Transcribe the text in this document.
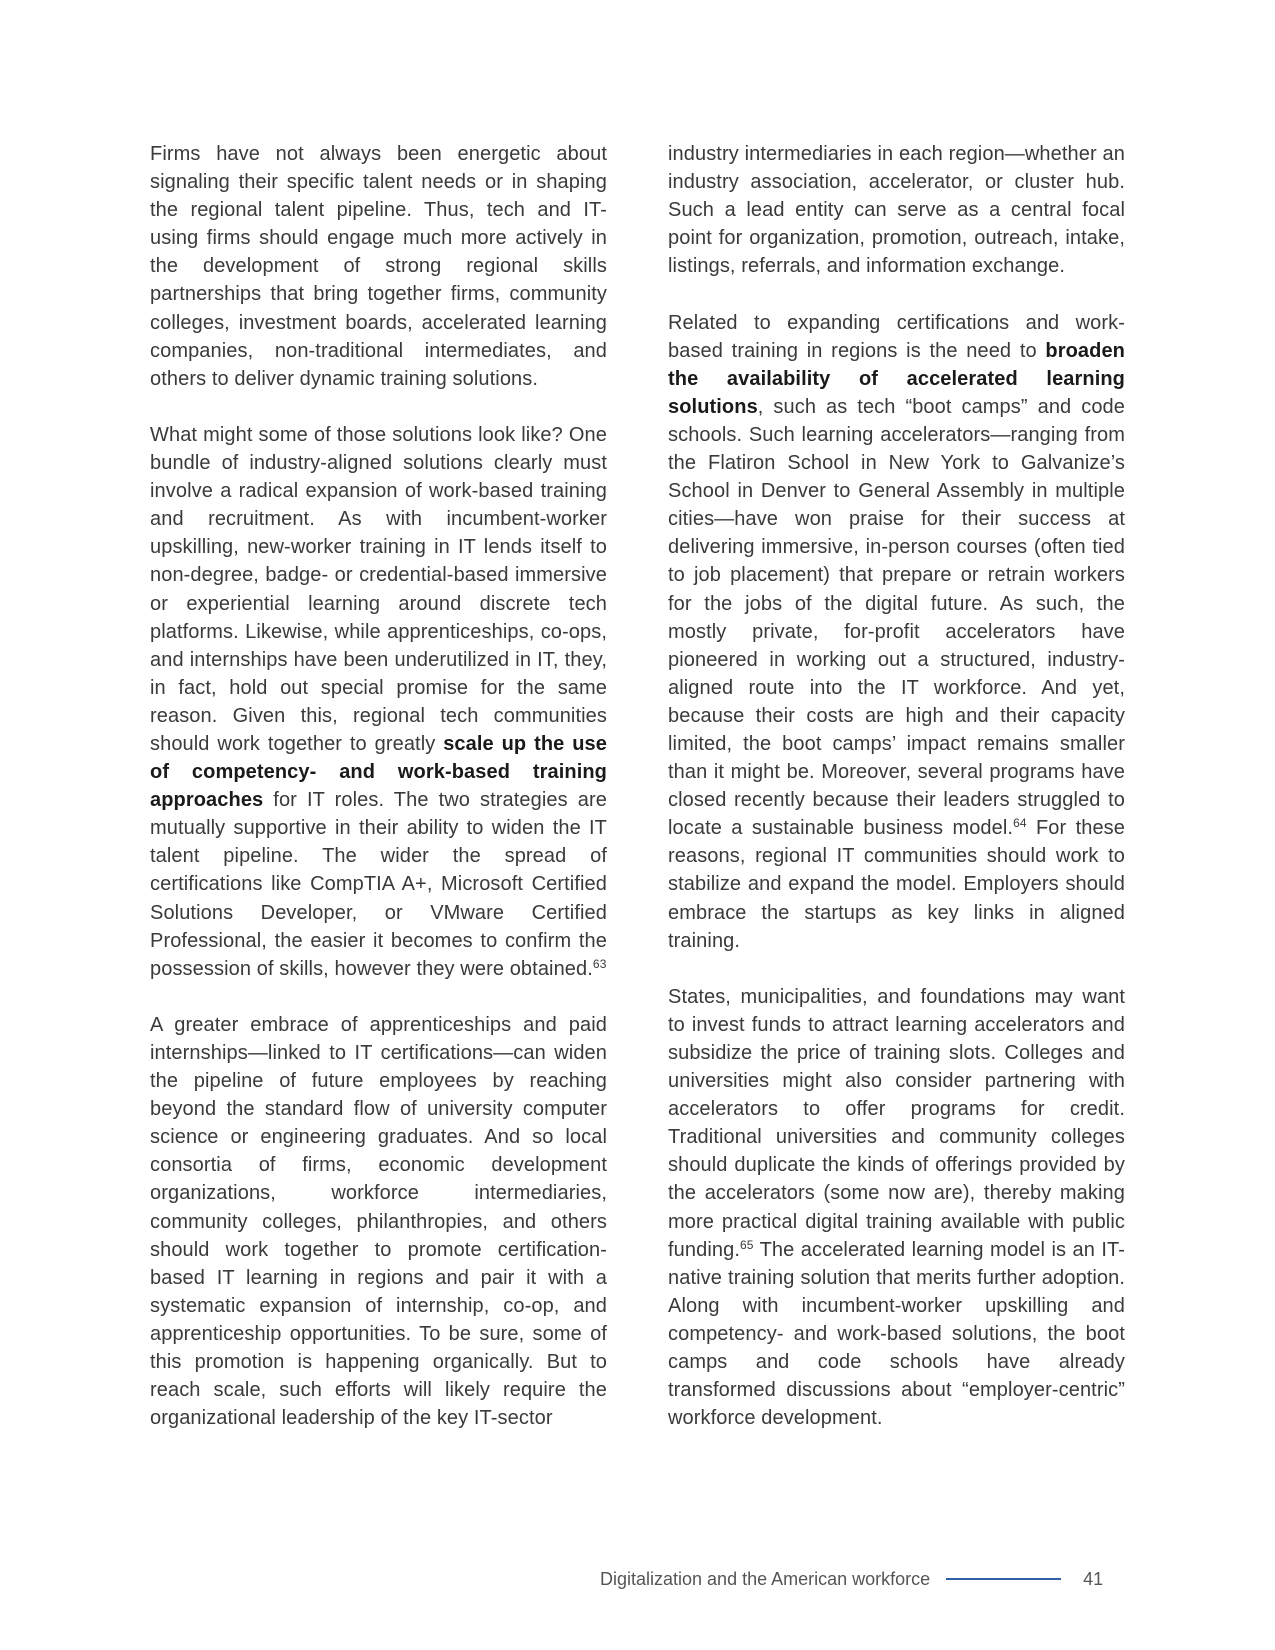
Firms have not always been energetic about signaling their specific talent needs or in shaping the regional talent pipeline. Thus, tech and IT-using firms should engage much more actively in the development of strong regional skills partnerships that bring together firms, community colleges, investment boards, accelerated learning companies, non-traditional intermediates, and others to deliver dynamic training solutions.

What might some of those solutions look like? One bundle of industry-aligned solutions clearly must involve a radical expansion of work-based training and recruitment. As with incumbent-worker upskilling, new-worker training in IT lends itself to non-degree, badge- or credential-based immersive or experiential learning around discrete tech platforms. Likewise, while apprenticeships, co-ops, and internships have been underutilized in IT, they, in fact, hold out special promise for the same reason. Given this, regional tech communities should work together to greatly scale up the use of competency- and work-based training approaches for IT roles. The two strategies are mutually supportive in their ability to widen the IT talent pipeline. The wider the spread of certifications like CompTIA A+, Microsoft Certified Solutions Developer, or VMware Certified Professional, the easier it becomes to confirm the possession of skills, however they were obtained.$^{63}$

A greater embrace of apprenticeships and paid internships—linked to IT certifications—can widen the pipeline of future employees by reaching beyond the standard flow of university computer science or engineering graduates. And so local consortia of firms, economic development organizations, workforce intermediaries, community colleges, philanthropies, and others should work together to promote certification-based IT learning in regions and pair it with a systematic expansion of internship, co-op, and apprenticeship opportunities. To be sure, some of this promotion is happening organically. But to reach scale, such efforts will likely require the organizational leadership of the key IT-sector

industry intermediaries in each region—whether an industry association, accelerator, or cluster hub. Such a lead entity can serve as a central focal point for organization, promotion, outreach, intake, listings, referrals, and information exchange.

Related to expanding certifications and work-based training in regions is the need to broaden the availability of accelerated learning solutions, such as tech “boot camps” and code schools. Such learning accelerators—ranging from the Flatiron School in New York to Galvanize’s School in Denver to General Assembly in multiple cities—have won praise for their success at delivering immersive, in-person courses (often tied to job placement) that prepare or retrain workers for the jobs of the digital future. As such, the mostly private, for-profit accelerators have pioneered in working out a structured, industry-aligned route into the IT workforce. And yet, because their costs are high and their capacity limited, the boot camps’ impact remains smaller than it might be. Moreover, several programs have closed recently because their leaders struggled to locate a sustainable business model.$^{64}$ For these reasons, regional IT communities should work to stabilize and expand the model. Employers should embrace the startups as key links in aligned training.

States, municipalities, and foundations may want to invest funds to attract learning accelerators and subsidize the price of training slots. Colleges and universities might also consider partnering with accelerators to offer programs for credit. Traditional universities and community colleges should duplicate the kinds of offerings provided by the accelerators (some now are), thereby making more practical digital training available with public funding.$^{65}$ The accelerated learning model is an IT-native training solution that merits further adoption. Along with incumbent-worker upskilling and competency- and work-based solutions, the boot camps and code schools have already transformed discussions about “employer-centric” workforce development.

Digitalization and the American workforce	41
